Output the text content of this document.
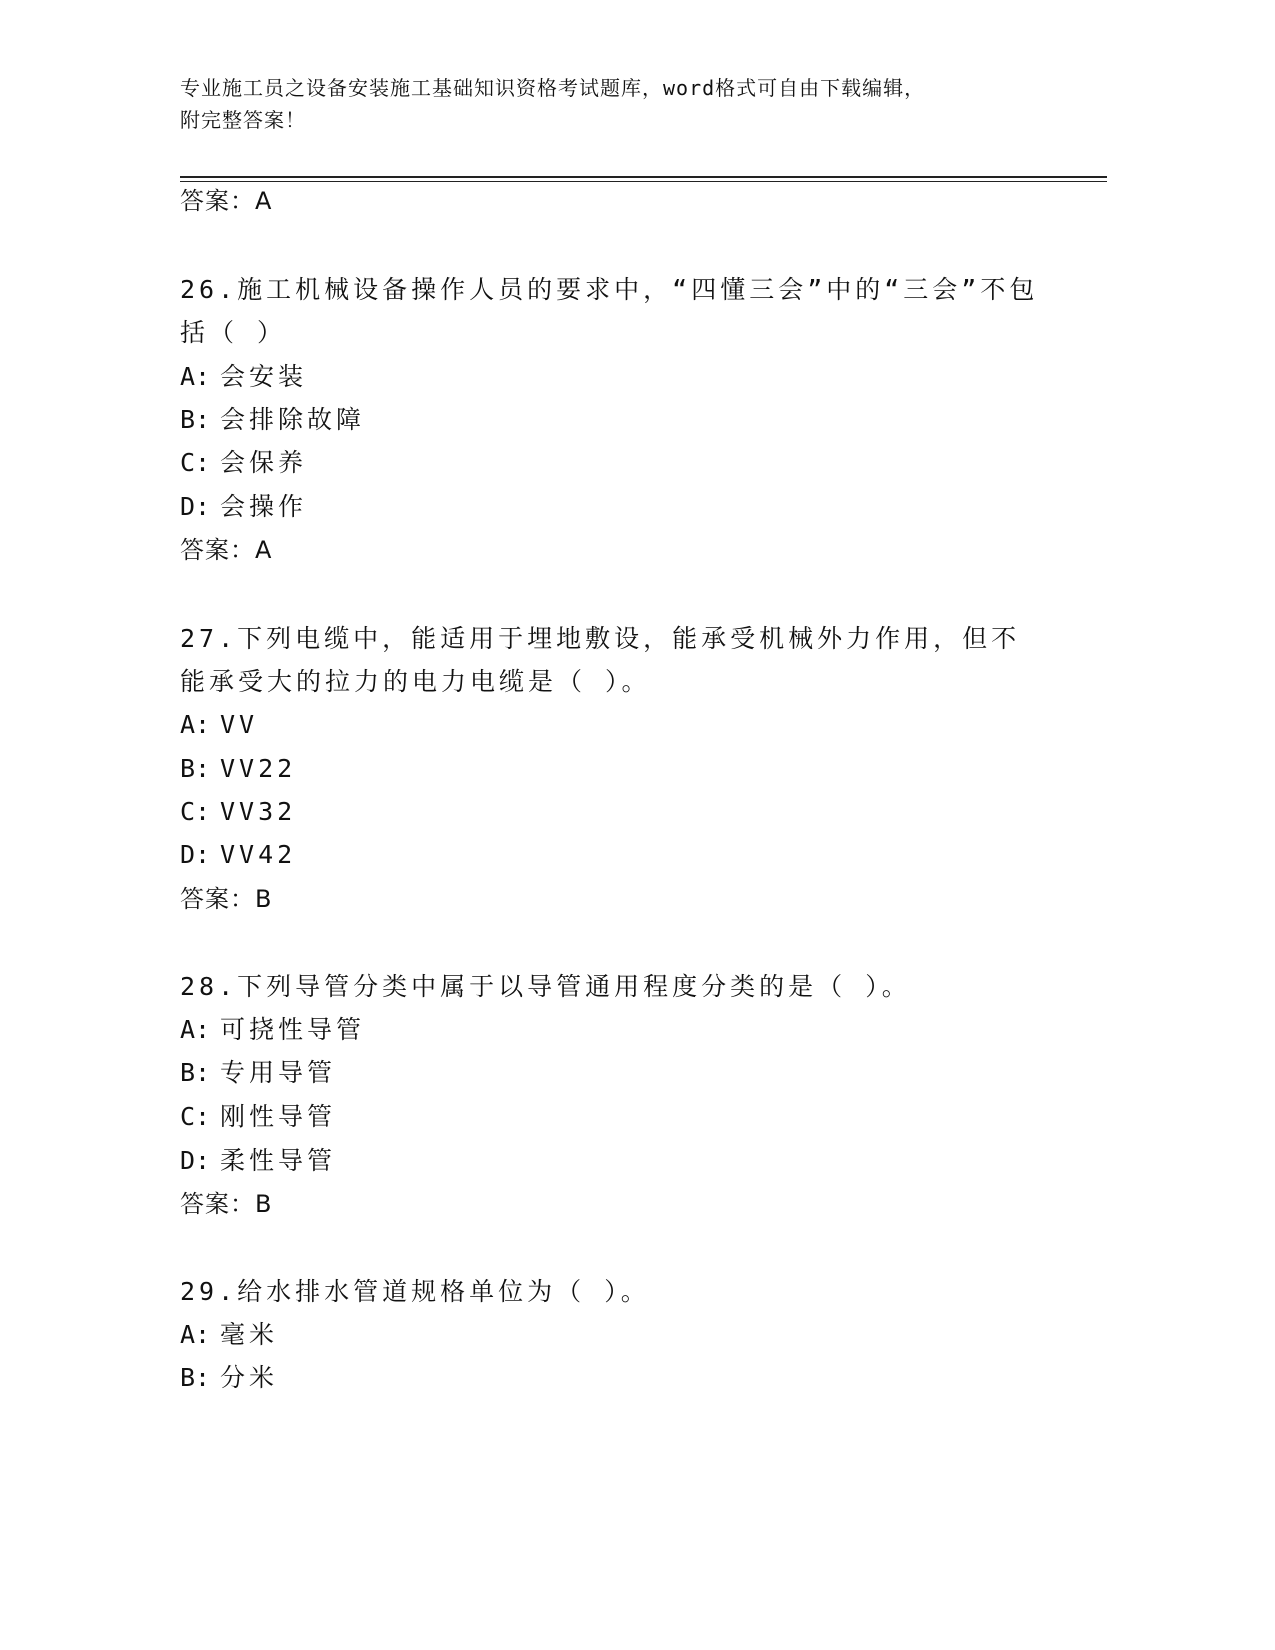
专业施工员之设备安装施工基础知识资格考试题库，word格式可自由下载编辑，
附完整答案！
答案：A
26.施工机械设备操作人员的要求中，“四懂三会”中的“三会”不包括（ ）
A: 会安装
B: 会排除故障
C: 会保养
D: 会操作
答案：A
27.下列电缆中，能适用于埋地敷设，能承受机械外力作用，但不能承受大的拉力的电力电缆是（ ）。
A: VV
B: VV22
C: VV32
D: VV42
答案：B
28.下列导管分类中属于以导管通用程度分类的是（ ）。
A: 可挠性导管
B: 专用导管
C: 刚性导管
D: 柔性导管
答案：B
29.给水排水管道规格单位为（ ）。
A: 毫米
B: 分米
